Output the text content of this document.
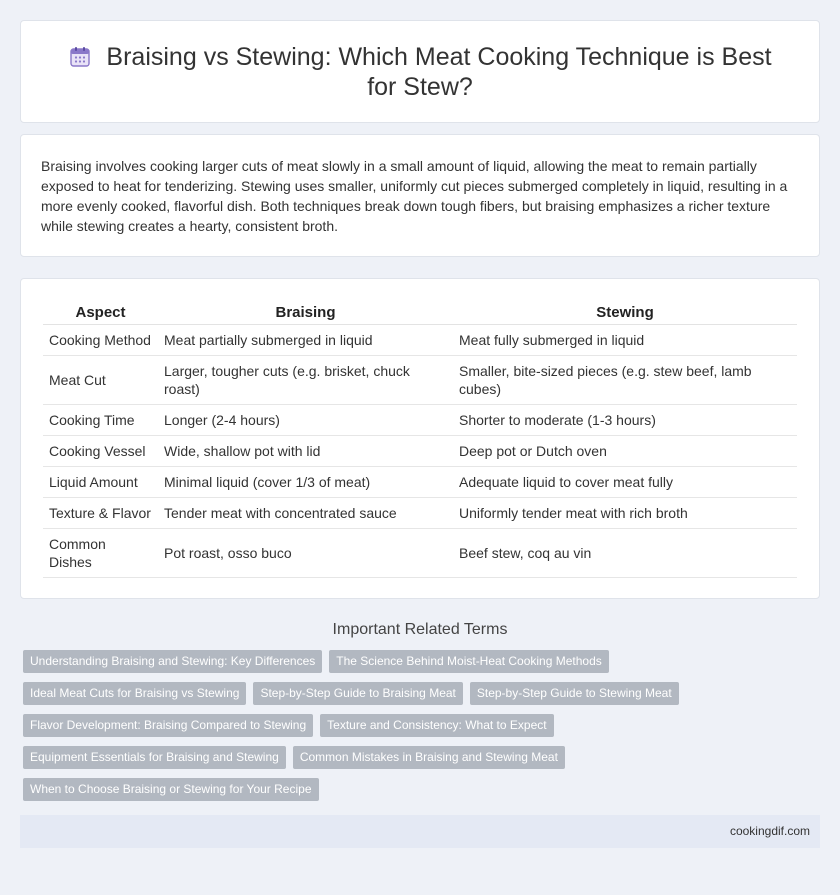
Braising vs Stewing: Which Meat Cooking Technique is Best for Stew?

Braising involves cooking larger cuts of meat slowly in a small amount of liquid, allowing the meat to remain partially exposed to heat for tenderizing. Stewing uses smaller, uniformly cut pieces submerged completely in liquid, resulting in a more evenly cooked, flavorful dish. Both techniques break down tough fibers, but braising emphasizes a richer texture while stewing creates a hearty, consistent broth.

Aspect	Braising	Stewing
Cooking Method	Meat partially submerged in liquid	Meat fully submerged in liquid
Meat Cut	Larger, tougher cuts (e.g. brisket, chuck roast)	Smaller, bite-sized pieces (e.g. stew beef, lamb cubes)
Cooking Time	Longer (2-4 hours)	Shorter to moderate (1-3 hours)
Cooking Vessel	Wide, shallow pot with lid	Deep pot or Dutch oven
Liquid Amount	Minimal liquid (cover 1/3 of meat)	Adequate liquid to cover meat fully
Texture & Flavor	Tender meat with concentrated sauce	Uniformly tender meat with rich broth
Common Dishes	Pot roast, osso buco	Beef stew, coq au vin
Important Related Terms
Understanding Braising and Stewing: Key Differences	The Science Behind Moist-Heat Cooking Methods
Ideal Meat Cuts for Braising vs Stewing	Step-by-Step Guide to Braising Meat	Step-by-Step Guide to Stewing Meat
Flavor Development: Braising Compared to Stewing	Texture and Consistency: What to Expect
Equipment Essentials for Braising and Stewing	Common Mistakes in Braising and Stewing Meat
When to Choose Braising or Stewing for Your Recipe
cookingdif.com
